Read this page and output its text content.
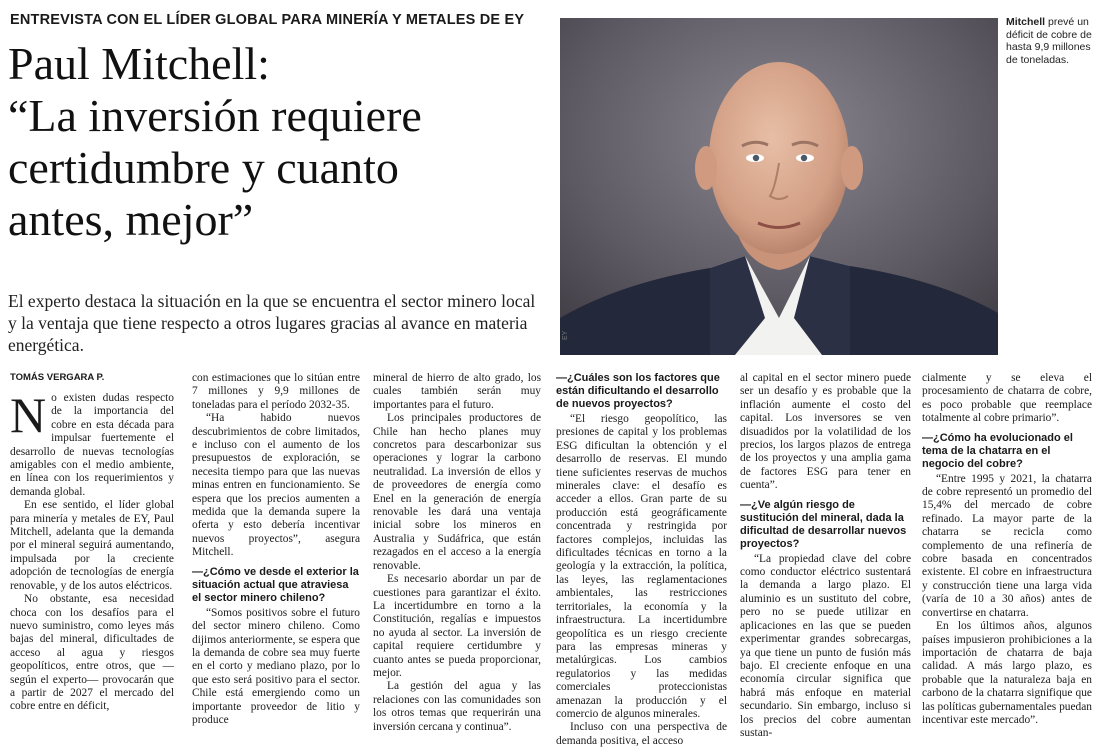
ENTREVISTA CON EL LÍDER GLOBAL PARA MINERÍA Y METALES DE EY
Paul Mitchell:
“La inversión requiere
certidumbre y cuanto
antes, mejor”

El experto destaca la situación en la que se encuentra el sector minero local y la ventaja que tiene respecto a otros lugares gracias al avance en materia energética.	EY
Mitchell prevé un déficit de cobre de hasta 9,9 millones de toneladas.
TOMÁS VERGARA P.

No existen dudas respecto de la importancia del cobre en esta década para impulsar fuertemente el desarrollo de nuevas tecnologías amigables con el medio ambiente, en línea con los requerimientos y demanda global.

En ese sentido, el líder global para minería y metales de EY, Paul Mitchell, adelanta que la demanda por el mineral seguirá aumentando, impulsada por la creciente adopción de tecnologías de energía renovable, y de los autos eléctricos.

No obstante, esa necesidad choca con los desafíos para el nuevo suministro, como leyes más bajas del mineral, dificultades de acceso al agua y riesgos geopolíticos, entre otros, que —según el experto— provocarán que a partir de 2027 el mercado del cobre entre en déficit,

con estimaciones que lo sitúan entre 7 millones y 9,9 millones de toneladas para el período 2032-35.

“Ha habido nuevos descubrimientos de cobre limitados, e incluso con el aumento de los presupuestos de exploración, se necesita tiempo para que las nuevas minas entren en funcionamiento. Se espera que los precios aumenten a medida que la demanda supere la oferta y esto debería incentivar nuevos proyectos”, asegura Mitchell.

—¿Cómo ve desde el exterior la situación actual que atraviesa el sector minero chileno?

“Somos positivos sobre el futuro del sector minero chileno. Como dijimos anteriormente, se espera que la demanda de cobre sea muy fuerte en el corto y mediano plazo, por lo que esto será positivo para el sector. Chile está emergiendo como un importante proveedor de litio y produce

mineral de hierro de alto grado, los cuales también serán muy importantes para el futuro.

Los principales productores de Chile han hecho planes muy concretos para descarbonizar sus operaciones y lograr la carbono neutralidad. La inversión de ellos y de proveedores de energía como Enel en la generación de energía renovable les dará una ventaja inicial sobre los mineros en Australia y Sudáfrica, que están rezagados en el acceso a la energía renovable.

Es necesario abordar un par de cuestiones para garantizar el éxito. La incertidumbre en torno a la Constitución, regalías e impuestos no ayuda al sector. La inversión de capital requiere certidumbre y cuanto antes se pueda proporcionar, mejor.

La gestión del agua y las relaciones con las comunidades son los otros temas que requerirán una inversión cercana y continua”.

—¿Cuáles son los factores que están dificultando el desarrollo de nuevos proyectos?

“El riesgo geopolítico, las presiones de capital y los problemas ESG dificultan la obtención y el desarrollo de reservas. El mundo tiene suficientes reservas de muchos minerales clave: el desafío es acceder a ellos. Gran parte de su producción está geográficamente concentrada y restringida por factores complejos, incluidas las dificultades técnicas en torno a la geología y la extracción, la política, las leyes, las reglamentaciones ambientales, las restricciones territoriales, la economía y la infraestructura. La incertidumbre geopolítica es un riesgo creciente para las empresas mineras y metalúrgicas. Los cambios regulatorios y las medidas comerciales proteccionistas amenazan la producción y el comercio de algunos minerales.

Incluso con una perspectiva de demanda positiva, el acceso

al capital en el sector minero puede ser un desafío y es probable que la inflación aumente el costo del capital. Los inversores se ven disuadidos por la volatilidad de los precios, los largos plazos de entrega de los proyectos y una amplia gama de factores ESG para tener en cuenta”.

—¿Ve algún riesgo de sustitución del mineral, dada la dificultad de desarrollar nuevos proyectos?

“La propiedad clave del cobre como conductor eléctrico sustentará la demanda a largo plazo. El aluminio es un sustituto del cobre, pero no se puede utilizar en aplicaciones en las que se pueden experimentar grandes sobrecargas, ya que tiene un punto de fusión más bajo. El creciente enfoque en una economía circular significa que habrá más enfoque en material secundario. Sin embargo, incluso si los precios del cobre aumentan sustan-

cialmente y se eleva el procesamiento de chatarra de cobre, es poco probable que reemplace totalmente al cobre primario”.

—¿Cómo ha evolucionado el tema de la chatarra en el negocio del cobre?

“Entre 1995 y 2021, la chatarra de cobre representó un promedio del 15,4% del mercado de cobre refinado. La mayor parte de la chatarra se recicla como complemento de una refinería de cobre basada en concentrados existente. El cobre en infraestructura y construcción tiene una larga vida (varía de 10 a 30 años) antes de convertirse en chatarra.

En los últimos años, algunos países impusieron prohibiciones a la importación de chatarra de baja calidad. A más largo plazo, es probable que la naturaleza baja en carbono de la chatarra signifique que las políticas gubernamentales puedan incentivar este mercado”.
